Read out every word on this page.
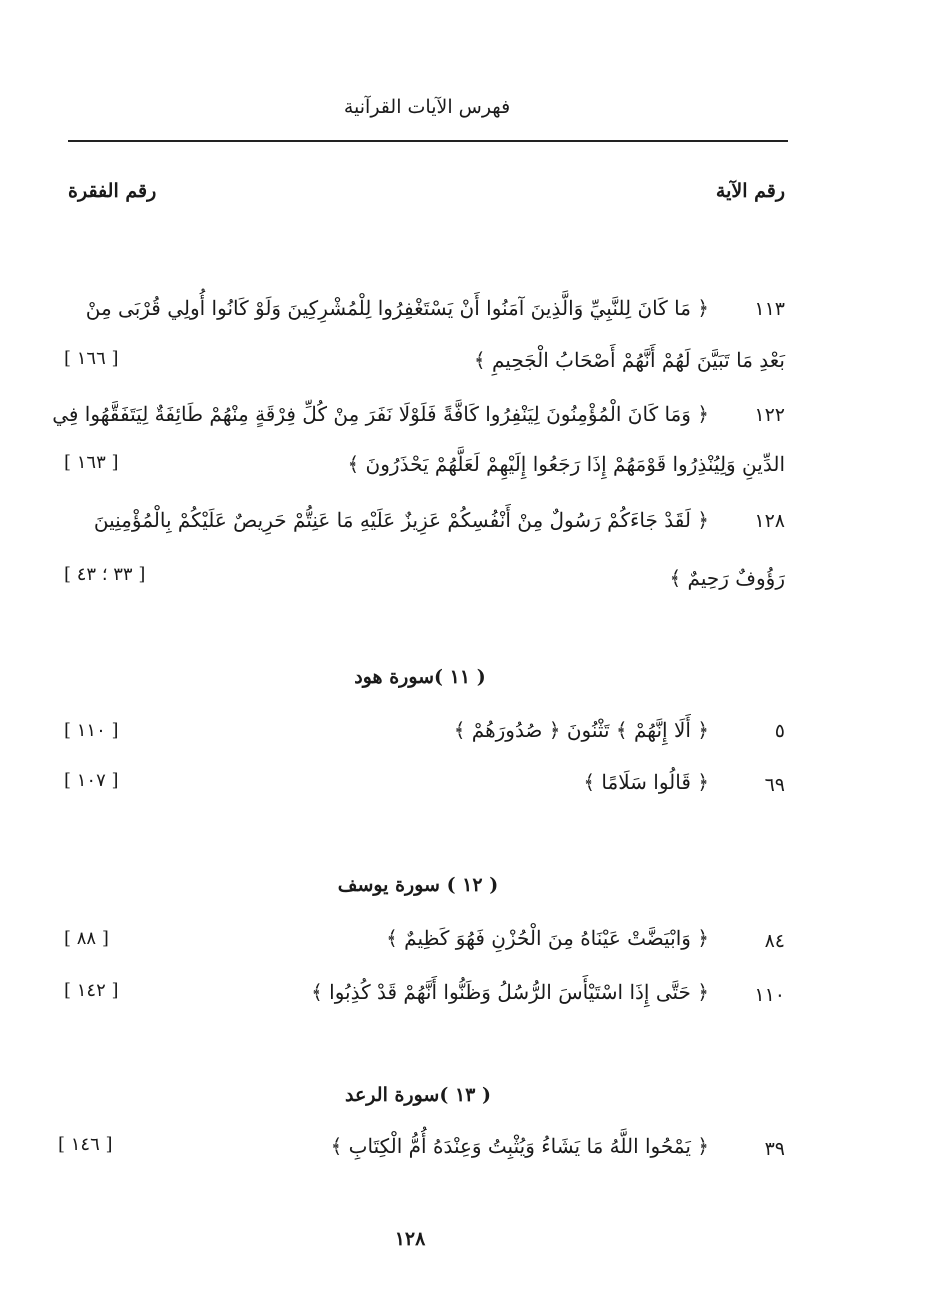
فهرس الآيات القرآنية
رقم الآية
رقم الفقرة
١١٣
﴿ مَا كَانَ لِلنَّبِيِّ وَالَّذِينَ آمَنُوا أَنْ يَسْتَغْفِرُوا لِلْمُشْرِكِينَ وَلَوْ كَانُوا أُولِي قُرْبَى مِنْ
بَعْدِ مَا تَبَيَّنَ لَهُمْ أَنَّهُمْ أَصْحَابُ الْجَحِيمِ ﴾
[ ١٦٦ ]
١٢٢
﴿ وَمَا كَانَ الْمُؤْمِنُونَ لِيَنْفِرُوا كَافَّةً فَلَوْلَا نَفَرَ مِنْ كُلِّ فِرْقَةٍ مِنْهُمْ طَائِفَةٌ لِيَتَفَقَّهُوا فِي
الدِّينِ وَلِيُنْذِرُوا قَوْمَهُمْ إِذَا رَجَعُوا إِلَيْهِمْ لَعَلَّهُمْ يَحْذَرُونَ ﴾
[ ١٦٣ ]
١٢٨
﴿ لَقَدْ جَاءَكُمْ رَسُولٌ مِنْ أَنْفُسِكُمْ عَزِيزٌ عَلَيْهِ مَا عَنِتُّمْ حَرِيصٌ عَلَيْكُمْ بِالْمُؤْمِنِينَ
رَؤُوفٌ رَحِيمٌ ﴾
[ ٣٣ ؛ ٤٣ ]
( ١١ )سورة هود
٥
﴿ أَلَا إِنَّهُمْ ﴾ تَثْنُونَ ﴿ صُدُورَهُمْ ﴾
[ ١١٠ ]
٦٩
﴿ قَالُوا سَلَامًا ﴾
[ ١٠٧ ]
( ١٢ ) سورة يوسف
٨٤
﴿ وَابْيَضَّتْ عَيْنَاهُ مِنَ الْحُزْنِ فَهُوَ كَظِيمٌ ﴾
[ ٨٨ ]
١١٠
﴿ حَتَّى إِذَا اسْتَيْأَسَ الرُّسُلُ وَظَنُّوا أَنَّهُمْ قَدْ كُذِبُوا ﴾
[ ١٤٢ ]
( ١٣ )سورة الرعد
٣٩
﴿ يَمْحُوا اللَّهُ مَا يَشَاءُ وَيُثْبِتُ وَعِنْدَهُ أُمُّ الْكِتَابِ ﴾
[ ١٤٦ ]
١٢٨
